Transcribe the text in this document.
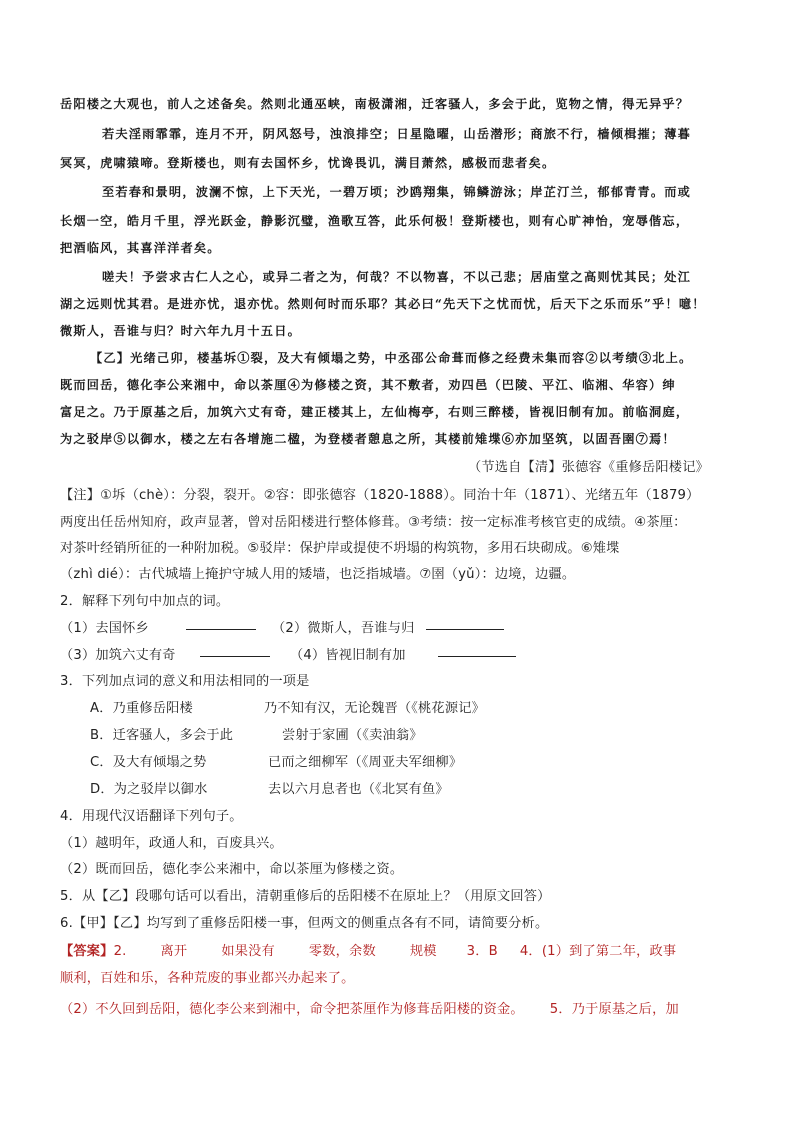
岳阳楼之大观也，前人之述备矣。然则北通巫峡，南极潇湘，迁客骚人，多会于此，览物之情，得无异乎？
若夫淫雨霏霏，连月不开，阴风怒号，浊浪排空；日星隐曜，山岳潜形；商旅不行，樯倾楫摧；薄暮
冥冥，虎啸猿啼。登斯楼也，则有去国怀乡，忧谗畏讥，满目萧然，感极而悲者矣。
至若春和景明，波澜不惊，上下天光，一碧万顷；沙鸥翔集，锦鳞游泳；岸芷汀兰，郁郁青青。而或
长烟一空，皓月千里，浮光跃金，静影沉璧，渔歌互答，此乐何极！登斯楼也，则有心旷神怡，宠辱偕忘，
把酒临风，其喜洋洋者矣。
嗟夫！予尝求古仁人之心，或异二者之为，何哉？不以物喜，不以己悲；居庙堂之高则忧其民；处江
湖之远则忧其君。是进亦忧，退亦忧。然则何时而乐耶？其必曰“先天下之忧而忧，后天下之乐而乐”乎！噫！
微斯人，吾谁与归？时六年九月十五日。
【乙】光绪己卯，楼基坼①裂，及大有倾塌之势，中丞邵公命葺而修之经费未集而容②以考绩③北上。
既而回岳，德化李公来湘中，命以茶厘④为修楼之资，其不敷者，劝四邑（巴陵、平江、临湘、华容）绅
富足之。乃于原基之后，加筑六丈有奇，建正楼其上，左仙梅亭，右则三醉楼，皆视旧制有加。前临洞庭，
为之驳岸⑤以御水，楼之左右各增施二楹，为登楼者憩息之所，其楼前雉堞⑥亦加坚筑，以固吾圉⑦焉！
（节选自【清】张德容《重修岳阳楼记》
【注】①坼（chè）：分裂，裂开。②容：即张德容（1820-1888）。同治十年（1871）、光绪五年（1879）
两度出任岳州知府，政声显著，曾对岳阳楼进行整体修葺。③考绩：按一定标准考核官吏的成绩。④茶厘：
对茶叶经销所征的一种附加税。⑤驳岸：保护岸或提使不坍塌的构筑物，多用石块砌成。⑥雉堞
（zhì dié）：古代城墙上掩护守城人用的矮墙，也泛指城墙。⑦圉（yǔ）：边境，边疆。
2．解释下列句中加点的词。
（1）去国怀乡	（2）微斯人，吾谁与归
（3）加筑六丈有奇	（4）皆视旧制有加
3．下列加点词的意义和用法相同的一项是
A．乃重修岳阳楼	乃不知有汉，无论魏晋（《桃花源记》
B．迁客骚人，多会于此	尝射于家圃（《卖油翁》
C．及大有倾塌之势	已而之细柳军（《周亚夫军细柳》
D．为之驳岸以御水	去以六月息者也（《北冥有鱼》
4．用现代汉语翻译下列句子。
（1）越明年，政通人和，百废具兴。
（2）既而回岳，德化李公来湘中，命以茶厘为修楼之资。
5．从【乙】段哪句话可以看出，清朝重修后的岳阳楼不在原址上？（用原文回答）
6.【甲】【乙】均写到了重修岳阳楼一事，但两文的侧重点各有不同，请简要分析。
【答案】2.	离开	如果没有	零数，余数	规模 3．B 4．(1）到了第二年，政事
顺利，百姓和乐，各种荒废的事业都兴办起来了。
（2）不久回到岳阳，德化李公来到湘中，命令把茶厘作为修葺岳阳楼的资金。 5．乃于原基之后，加
